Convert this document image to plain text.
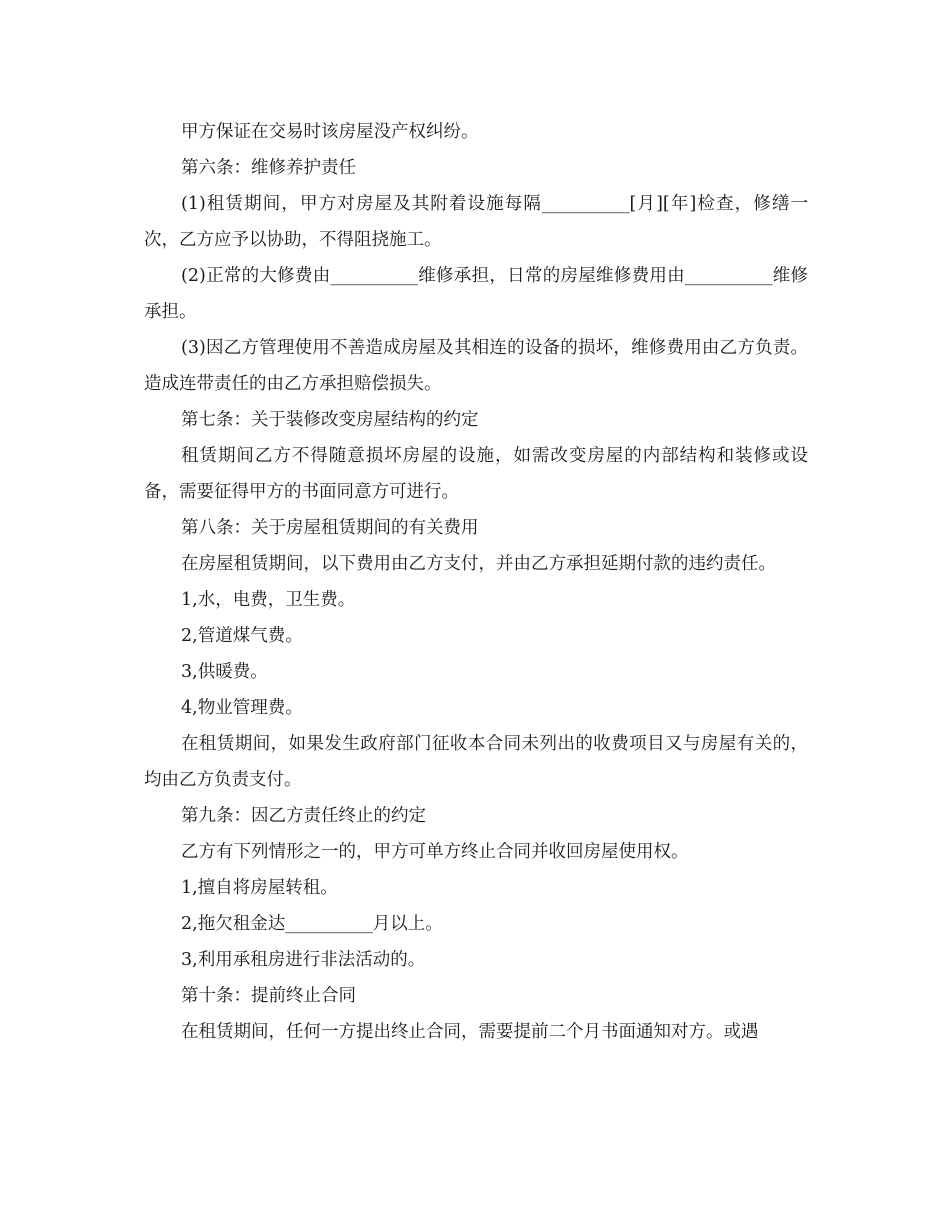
甲方保证在交易时该房屋没产权纠纷。

第六条：维修养护责任

(1)租赁期间，甲方对房屋及其附着设施每隔__________[月][年]检查，修缮一次，乙方应予以协助，不得阻挠施工。

(2)正常的大修费由__________维修承担，日常的房屋维修费用由__________维修承担。

(3)因乙方管理使用不善造成房屋及其相连的设备的损坏，维修费用由乙方负责。造成连带责任的由乙方承担赔偿损失。

第七条：关于装修改变房屋结构的约定

租赁期间乙方不得随意损坏房屋的设施，如需改变房屋的内部结构和装修或设备，需要征得甲方的书面同意方可进行。

第八条：关于房屋租赁期间的有关费用

在房屋租赁期间，以下费用由乙方支付，并由乙方承担延期付款的违约责任。

1,水，电费，卫生费。

2,管道煤气费。

3,供暖费。

4,物业管理费。

在租赁期间，如果发生政府部门征收本合同未列出的收费项目又与房屋有关的，均由乙方负责支付。

第九条：因乙方责任终止的约定

乙方有下列情形之一的，甲方可单方终止合同并收回房屋使用权。

1,擅自将房屋转租。

2,拖欠租金达__________月以上。

3,利用承租房进行非法活动的。

第十条：提前终止合同

在租赁期间，任何一方提出终止合同，需要提前二个月书面通知对方。或遇
